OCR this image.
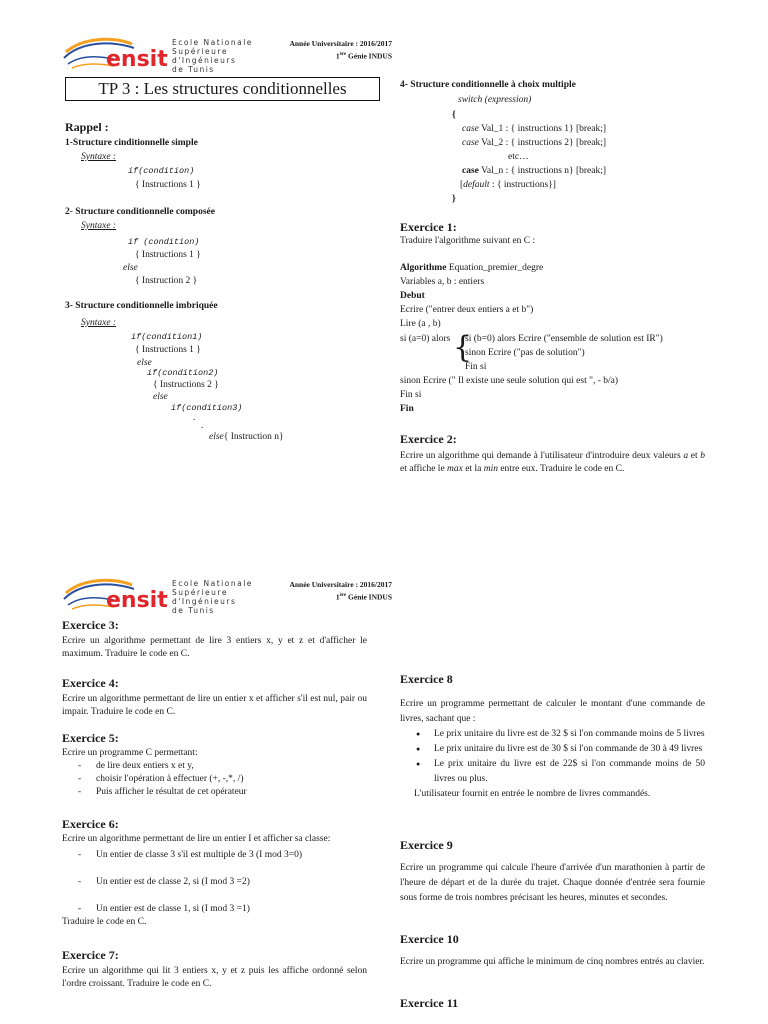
ensit
Ecole Nationale
Supérieure
d'Ingénieurs
de Tunis
Année Universitaire : 2016/2017
1ère Génie INDUS
TP 3 : Les structures conditionnelles
Rappel :
1-Structure cinditionnelle simple
Syntaxe :
if(condition)
{ Instructions 1 }
2- Structure conditionnelle composée
Syntaxe :
if (condition)
{ Instructions 1 }
else
{ Instruction 2 }
3- Structure conditionnelle imbriquée
Syntaxe :
if(condition1)
{ Instructions 1 }
else
if(condition2)
{ Instructions 2 }
else
if(condition3)
.
.
else{ Instruction n}
4- Structure conditionnelle à choix multiple
switch (expression)
{
case Val_1 : { instructions 1} [break;]
case Val_2 : { instructions 2} [break;]
etc…
case Val_n : { instructions n} [break;]
[default : { instructions}]
}
Exercice 1:
Traduire l'algorithme suivant en C :
Algorithme Equation_premier_degre
Variables a, b : entiers
Debut
Ecrire ("entrer deux entiers a et b")
Lire (a , b)
si (a=0) alors {
si (b=0) alors Ecrire ("ensemble de solution est IR")
sinon Ecrire ("pas de solution")
Fin si
sinon Ecrire (" Il existe une seule solution qui est ", - b/a)
Fin si
Fin
Exercice 2:
Ecrire un algorithme qui demande à l'utilisateur d'introduire deux valeurs a et b et affiche le max et la min entre eux. Traduire le code en C.
ensit
Ecole Nationale
Supérieure
d'Ingénieurs
de Tunis
Année Universitaire : 2016/2017
1ère Génie INDUS
Exercice 3:
Ecrire un algorithme permettant de lire 3 entiers x, y et z et d'afficher le maximum. Traduire le code en C.
Exercice 4:
Ecrire un algorithme permettant de lire un entier x et afficher s'il est nul, pair ou impair. Traduire le code en C.
Exercice 5:
Ecrire un programme C permettant:
- de lire deux entiers x et y,
- choisir l'opération à effectuer (+, -,*, /)
- Puis afficher le résultat de cet opérateur
Exercice 6:
Ecrire un algorithme permettant de lire un entier I et afficher sa classe:
- Un entier de classe 3 s'il est multiple de 3 (I mod 3=0)
- Un entier est de classe 2, si (I mod 3 =2)
- Un entier est de classe 1, si (I mod 3 =1)
Traduire le code en C.
Exercice 7:
Ecrire un algorithme qui lit 3 entiers x, y et z puis les affiche ordonné selon l'ordre croissant. Traduire le code en C.
Exercice 8
Ecrire un programme permettant de calculer le montant d'une commande de livres, sachant que :
● Le prix unitaire du livre est de 32 $ si l'on commande moins de 5 livres
● Le prix unitaire du livre est de 30 $ si l'on commande de 30 à 49 livres
● Le prix unitaire du livre est de 22$ si l'on commande moins de 50 livres ou plus.
L'utilisateur fournit en entrée le nombre de livres commandés.
Exercice 9
Ecrire un programme qui calcule l'heure d'arrivée d'un marathonien à partir de l'heure de départ et de la durée du trajet. Chaque donnée d'entrée sera fournie sous forme de trois nombres précisant les heures, minutes et secondes.
Exercice 10
Ecrire un programme qui affiche le minimum de cinq nombres entrés au clavier.
Exercice 11
